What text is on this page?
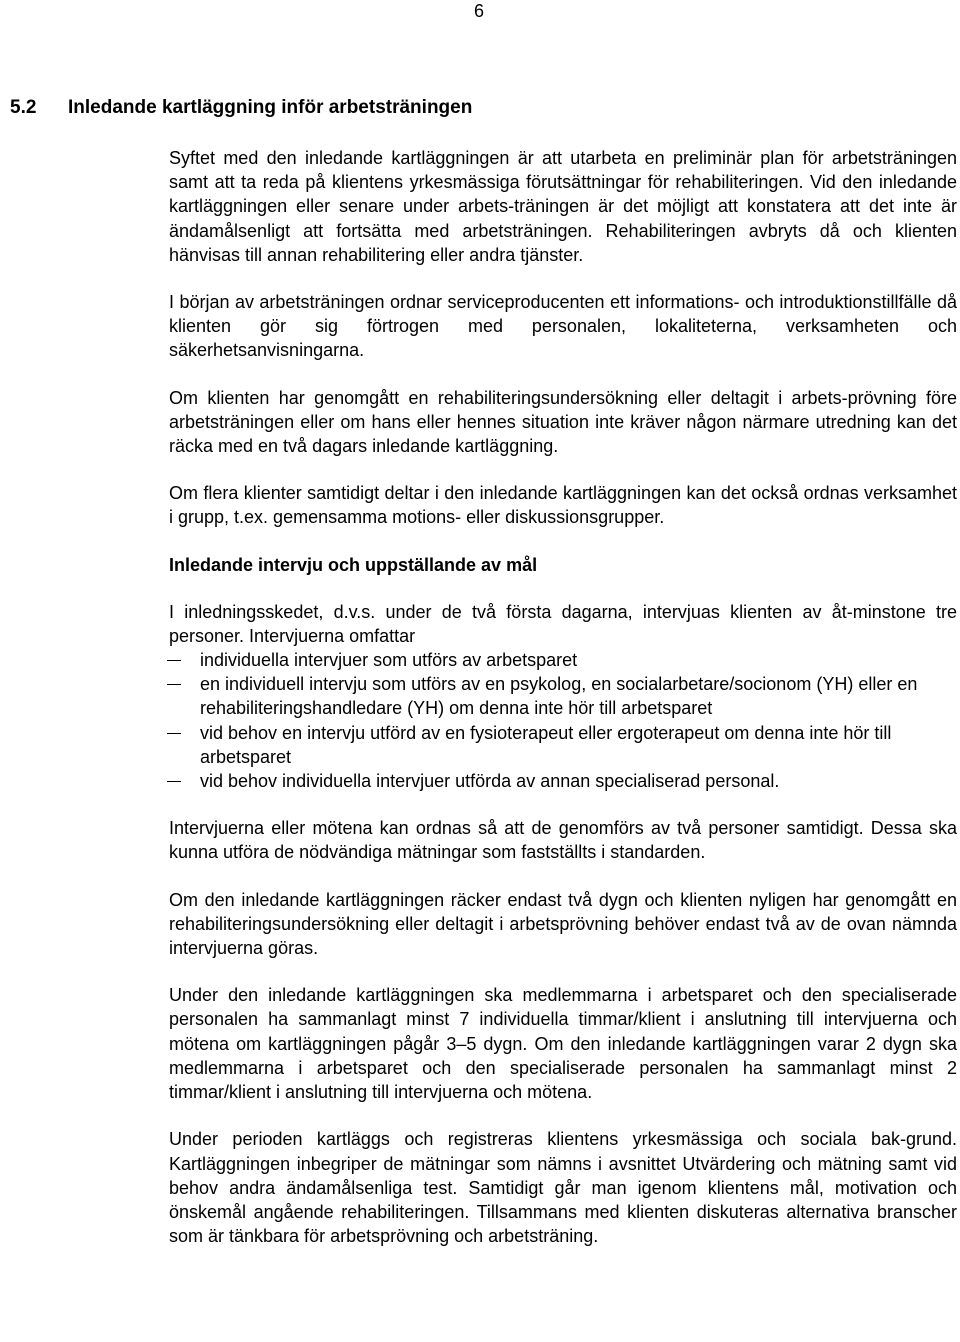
6
5.2 Inledande kartläggning inför arbetsträningen

Syftet med den inledande kartläggningen är att utarbeta en preliminär plan för arbetsträningen samt att ta reda på klientens yrkesmässiga förutsättningar för rehabiliteringen. Vid den inledande kartläggningen eller senare under arbets-träningen är det möjligt att konstatera att det inte är ändamålsenligt att fortsätta med arbetsträningen. Rehabiliteringen avbryts då och klienten hänvisas till annan rehabilitering eller andra tjänster.

I början av arbetsträningen ordnar serviceproducenten ett informations- och introduktionstillfälle då klienten gör sig förtrogen med personalen, lokaliteterna, verksamheten och säkerhetsanvisningarna.

Om klienten har genomgått en rehabiliteringsundersökning eller deltagit i arbets-prövning före arbetsträningen eller om hans eller hennes situation inte kräver någon närmare utredning kan det räcka med en två dagars inledande kartläggning.

Om flera klienter samtidigt deltar i den inledande kartläggningen kan det också ordnas verksamhet i grupp, t.ex. gemensamma motions- eller diskussionsgrupper.

Inledande intervju och uppställande av mål

I inledningsskedet, d.v.s. under de två första dagarna, intervjuas klienten av åt-minstone tre personer. Intervjuerna omfattar

individuella intervjuer som utförs av arbetsparet
en individuell intervju som utförs av en psykolog, en socialarbetare/socionom (YH) eller en rehabiliteringshandledare (YH) om denna inte hör till arbetsparet
vid behov en intervju utförd av en fysioterapeut eller ergoterapeut om denna inte hör till arbetsparet
vid behov individuella intervjuer utförda av annan specialiserad personal.

Intervjuerna eller mötena kan ordnas så att de genomförs av två personer samtidigt. Dessa ska kunna utföra de nödvändiga mätningar som fastställts i standarden.

Om den inledande kartläggningen räcker endast två dygn och klienten nyligen har genomgått en rehabiliteringsundersökning eller deltagit i arbetsprövning behöver endast två av de ovan nämnda intervjuerna göras.

Under den inledande kartläggningen ska medlemmarna i arbetsparet och den specialiserade personalen ha sammanlagt minst 7 individuella timmar/klient i anslutning till intervjuerna och mötena om kartläggningen pågår 3–5 dygn. Om den inledande kartläggningen varar 2 dygn ska medlemmarna i arbetsparet och den specialiserade personalen ha sammanlagt minst 2 timmar/klient i anslutning till intervjuerna och mötena.

Under perioden kartläggs och registreras klientens yrkesmässiga och sociala bak-grund. Kartläggningen inbegriper de mätningar som nämns i avsnittet Utvärdering och mätning samt vid behov andra ändamålsenliga test. Samtidigt går man igenom klientens mål, motivation och önskemål angående rehabiliteringen. Tillsammans med klienten diskuteras alternativa branscher som är tänkbara för arbetsprövning och arbetsträning.
